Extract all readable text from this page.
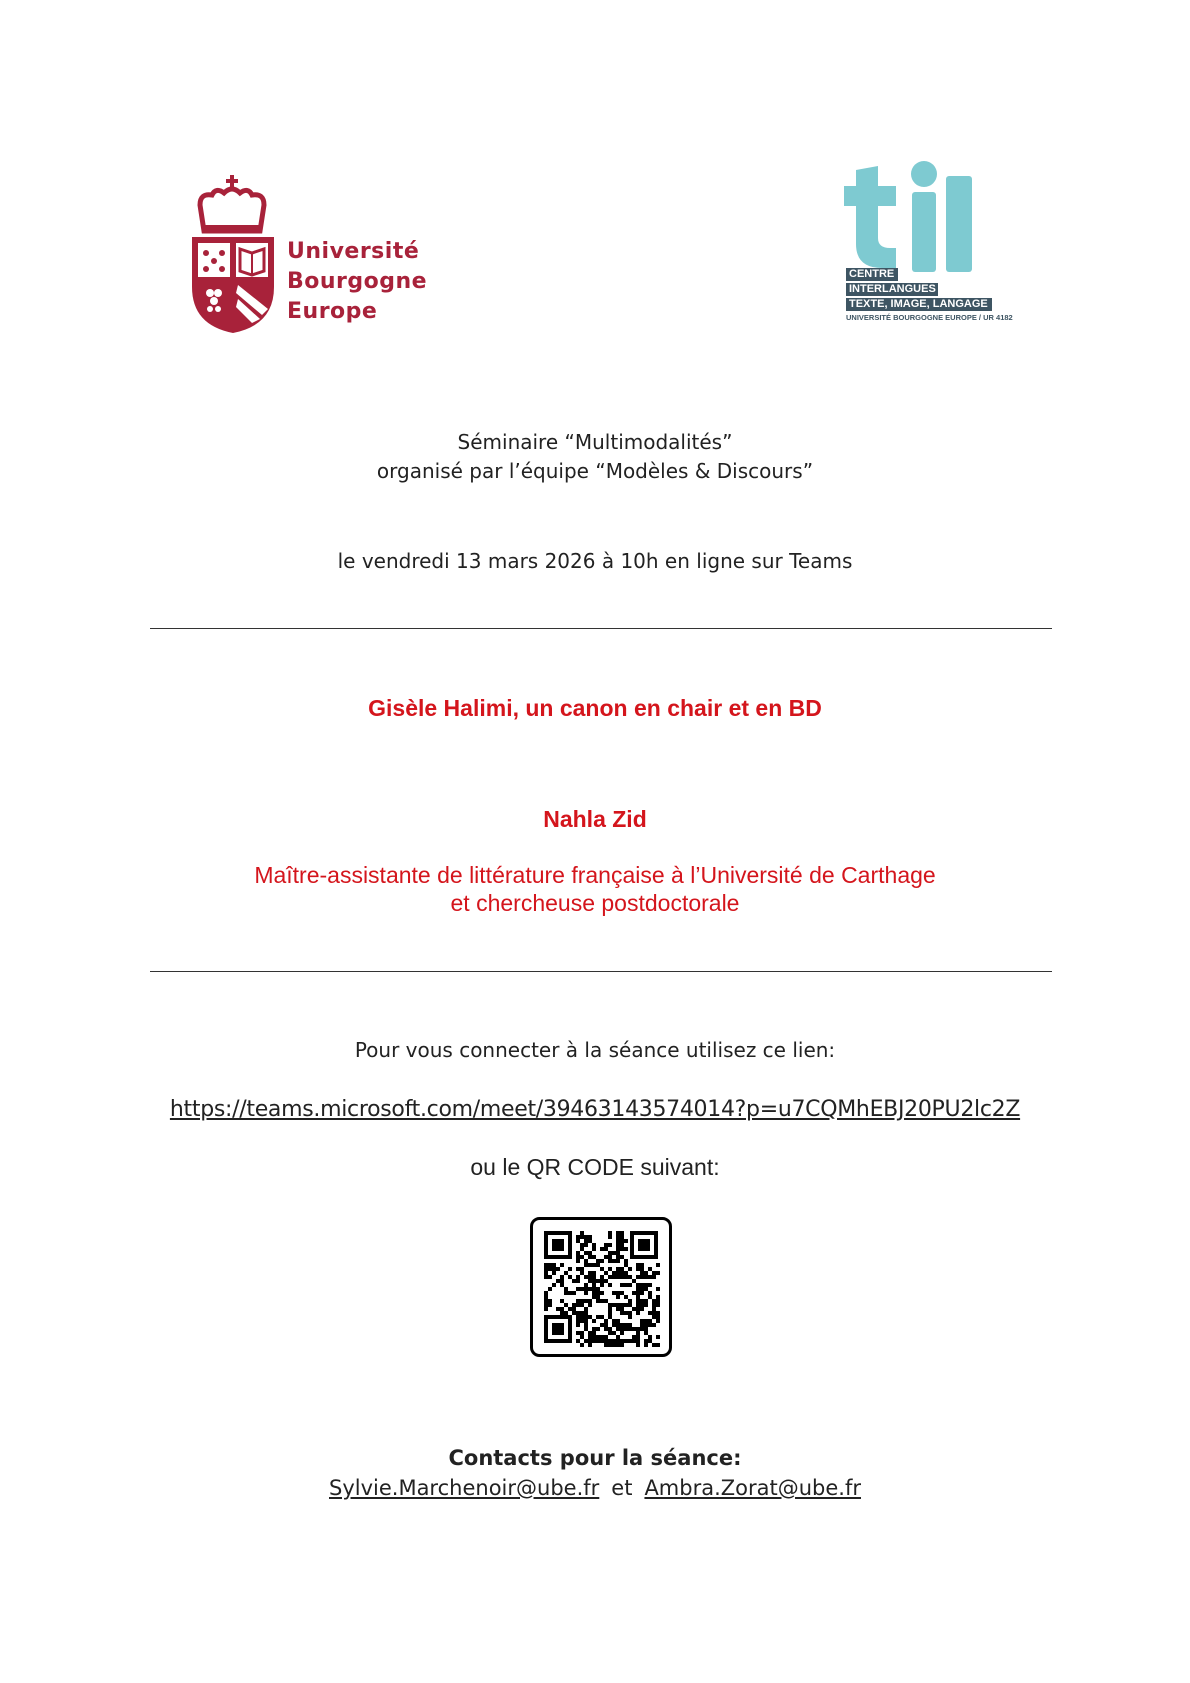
Université
Bourgogne
Europe
CENTRE
INTERLANGUES
TEXTE, IMAGE, LANGAGE
UNIVERSITÉ BOURGOGNE EUROPE / UR 4182
Séminaire “Multimodalités”
organisé par l’équipe “Modèles & Discours”
le vendredi 13 mars 2026 à 10h en ligne sur Teams
Gisèle Halimi, un canon en chair et en BD
Nahla Zid
Maître-assistante de littérature française à l’Université de Carthage
et chercheuse postdoctorale
Pour vous connecter à la séance utilisez ce lien:
https://teams.microsoft.com/meet/39463143574014?p=u7CQMhEBJ20PU2lc2Z
ou le QR CODE suivant:
Contacts pour la séance:
Sylvie.Marchenoir@ube.fr et Ambra.Zorat@ube.fr
